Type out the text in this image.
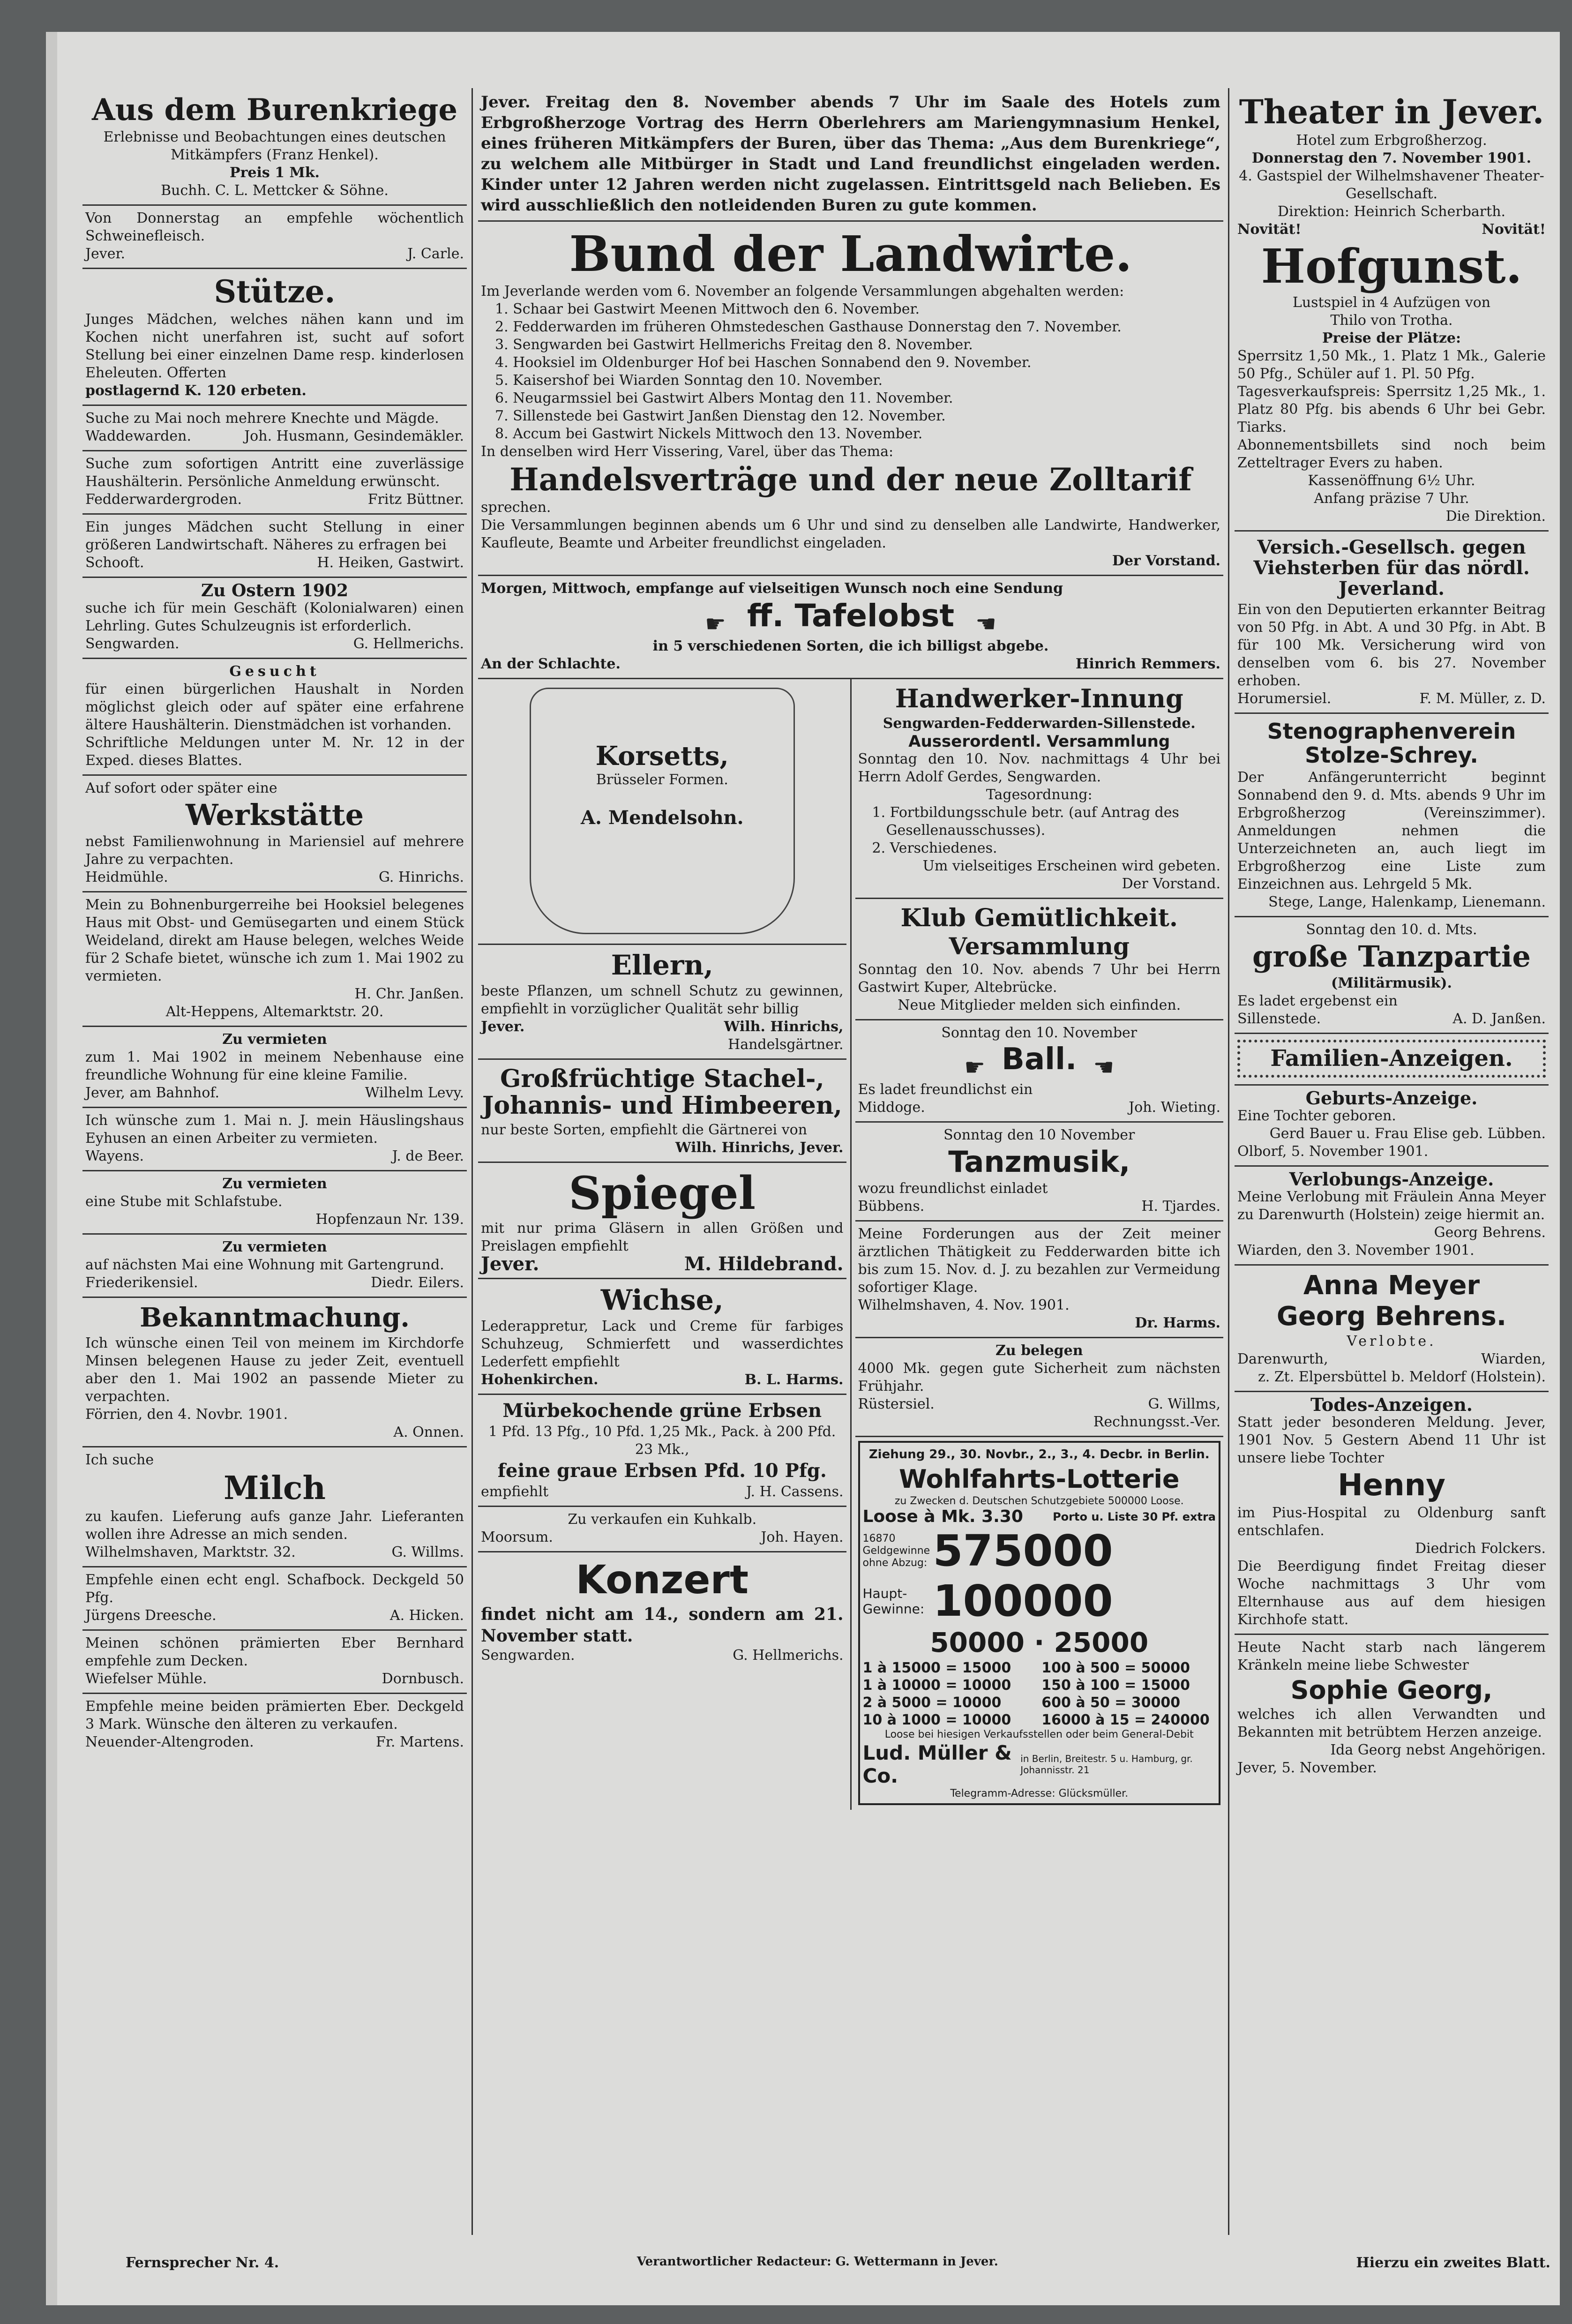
Aus dem Burenkriege

Erlebnisse und Beobachtungen eines deutschen Mitkämpfers (Franz Henkel).

Preis 1 Mk.

Buchh. C. L. Mettcker & Söhne.

Von Donnerstag an empfehle wöchentlich Schweinefleisch.

Jever.	J. Carle.
Stütze.

Junges Mädchen, welches nähen kann und im Kochen nicht unerfahren ist, sucht auf sofort Stellung bei einer einzelnen Dame resp. kinderlosen Eheleuten. Offerten

postlagernd K. 120 erbeten.

Suche zu Mai noch mehrere Knechte und Mägde.

Waddewarden.	Joh. Husmann, Gesindemäkler.

Suche zum sofortigen Antritt eine zuverlässige Haushälterin. Persönliche Anmeldung erwünscht.

Fedderwardergroden.	Fritz Büttner.

Ein junges Mädchen sucht Stellung in einer größeren Landwirtschaft. Näheres zu erfragen bei

Schooft.	H. Heiken, Gastwirt.

Zu Ostern 1902

suche ich für mein Geschäft (Kolonialwaren) einen Lehrling. Gutes Schulzeugnis ist erforderlich.

Sengwarden.	G. Hellmerichs.

Gesucht

für einen bürgerlichen Haushalt in Norden möglichst gleich oder auf später eine erfahrene ältere Haushälterin. Dienstmädchen ist vorhanden.

Schriftliche Meldungen unter M. Nr. 12 in der Exped. dieses Blattes.

Auf sofort oder später eine

Werkstätte

nebst Familienwohnung in Mariensiel auf mehrere Jahre zu verpachten.

Heidmühle.	G. Hinrichs.

Mein zu Bohnenburgerreihe bei Hooksiel belegenes Haus mit Obst- und Gemüsegarten und einem Stück Weideland, direkt am Hause belegen, welches Weide für 2 Schafe bietet, wünsche ich zum 1. Mai 1902 zu vermieten.

H. Chr. Janßen.

Alt-Heppens, Altemarktstr. 20.

Zu vermieten

zum 1. Mai 1902 in meinem Nebenhause eine freundliche Wohnung für eine kleine Familie.

Jever, am Bahnhof.	Wilhelm Levy.

Ich wünsche zum 1. Mai n. J. mein Häuslingshaus Eyhusen an einen Arbeiter zu vermieten.

Wayens.	J. de Beer.

Zu vermieten

eine Stube mit Schlafstube.

Hopfenzaun Nr. 139.

Zu vermieten

auf nächsten Mai eine Wohnung mit Gartengrund.

Friederikensiel.	Diedr. Eilers.
Bekanntmachung.

Ich wünsche einen Teil von meinem im Kirchdorfe Minsen belegenen Hause zu jeder Zeit, eventuell aber den 1. Mai 1902 an passende Mieter zu verpachten.

Förrien, den 4. Novbr. 1901.

A. Onnen.

Ich suche

Milch

zu kaufen. Lieferung aufs ganze Jahr. Lieferanten wollen ihre Adresse an mich senden.

Wilhelmshaven, Marktstr. 32.	G. Willms.

Empfehle einen echt engl. Schafbock. Deckgeld 50 Pfg.

Jürgens Dreesche.	A. Hicken.

Meinen schönen prämierten Eber Bernhard empfehle zum Decken.

Wiefelser Mühle.	Dornbusch.

Empfehle meine beiden prämierten Eber. Deckgeld 3 Mark. Wünsche den älteren zu verkaufen.

Neuender-Altengroden.	Fr. Martens.

Jever. Freitag den 8. November abends 7 Uhr im Saale des Hotels zum Erbgroßherzoge Vortrag des Herrn Oberlehrers am Mariengymnasium Henkel, eines früheren Mitkämpfers der Buren, über das Thema: „Aus dem Burenkriege“, zu welchem alle Mitbürger in Stadt und Land freundlichst eingeladen werden. Kinder unter 12 Jahren werden nicht zugelassen. Eintrittsgeld nach Belieben. Es wird ausschließlich den notleidenden Buren zu gute kommen.

Bund der Landwirte.

Im Jeverlande werden vom 6. November an folgende Versammlungen abgehalten werden:

1. Schaar bei Gastwirt Meenen Mittwoch den 6. November.
2. Fedderwarden im früheren Ohmstedeschen Gasthause Donnerstag den 7. November.
3. Sengwarden bei Gastwirt Hellmerichs Freitag den 8. November.
4. Hooksiel im Oldenburger Hof bei Haschen Sonnabend den 9. November.
5. Kaisershof bei Wiarden Sonntag den 10. November.
6. Neugarmssiel bei Gastwirt Albers Montag den 11. November.
7. Sillenstede bei Gastwirt Janßen Dienstag den 12. November.
8. Accum bei Gastwirt Nickels Mittwoch den 13. November.

In denselben wird Herr Vissering, Varel, über das Thema:

Handelsverträge und der neue Zolltarif

sprechen.

Die Versammlungen beginnen abends um 6 Uhr und sind zu denselben alle Landwirte, Handwerker, Kaufleute, Beamte und Arbeiter freundlichst eingeladen.

Der Vorstand.

Morgen, Mittwoch, empfange auf vielseitigen Wunsch noch eine Sendung

☛ ff. Tafelobst ☚

in 5 verschiedenen Sorten, die ich billigst abgebe.

An der Schlachte.	Hinrich Remmers.
Korsetts,
Brüsseler Formen.
A. Mendelsohn.
Ellern,

beste Pflanzen, um schnell Schutz zu gewinnen, empfiehlt in vorzüglicher Qualität sehr billig

Jever.	Wilh. Hinrichs,

Handelsgärtner.

Großfrüchtige Stachel-, Johannis- und Himbeeren,

nur beste Sorten, empfiehlt die Gärtnerei von

Wilh. Hinrichs, Jever.

Spiegel

mit nur prima Gläsern in allen Größen und Preislagen empfiehlt

Jever.	M. Hildebrand.
Wichse,

Lederappretur, Lack und Creme für farbiges Schuhzeug, Schmierfett und wasserdichtes Lederfett empfiehlt

Hohenkirchen.	B. L. Harms.
Mürbekochende grüne Erbsen

1 Pfd. 13 Pfg., 10 Pfd. 1,25 Mk., Pack. à 200 Pfd. 23 Mk.,

feine graue Erbsen Pfd. 10 Pfg.
empfiehlt	J. H. Cassens.

Zu verkaufen ein Kuhkalb.

Moorsum.	Joh. Hayen.
Konzert

findet nicht am 14., sondern am 21. November statt.

Sengwarden.	G. Hellmerichs.
Handwerker-Innung

Sengwarden-Fedderwarden-Sillenstede.

Ausserordentl. Versammlung

Sonntag den 10. Nov. nachmittags 4 Uhr bei Herrn Adolf Gerdes, Sengwarden.

Tagesordnung:

1. Fortbildungsschule betr. (auf Antrag des Gesellenausschusses).
2. Verschiedenes.

Um vielseitiges Erscheinen wird gebeten.

Der Vorstand.

Klub Gemütlichkeit.
Versammlung

Sonntag den 10. Nov. abends 7 Uhr bei Herrn Gastwirt Kuper, Altebrücke.

Neue Mitglieder melden sich einfinden.

Sonntag den 10. November

☛ Ball. ☚

Es ladet freundlichst ein

Middoge.	Joh. Wieting.

Sonntag den 10 November

Tanzmusik,

wozu freundlichst einladet

Bübbens.	H. Tjardes.

Meine Forderungen aus der Zeit meiner ärztlichen Thätigkeit zu Fedderwarden bitte ich bis zum 15. Nov. d. J. zu bezahlen zur Vermeidung sofortiger Klage.

Wilhelmshaven, 4. Nov. 1901.

Dr. Harms.

Zu belegen

4000 Mk. gegen gute Sicherheit zum nächsten Frühjahr.

Rüstersiel.	G. Willms,

Rechnungsst.-Ver.

Ziehung 29., 30. Novbr., 2., 3., 4. Decbr. in Berlin.

Wohlfahrts-Lotterie

zu Zwecken d. Deutschen Schutzgebiete 500000 Loose.

Loose à Mk. 3.30	Porto u. Liste 30 Pf. extra
16870 Geldgewinne ohne Abzug: 575000
Haupt-Gewinne: 100000
50000 · 25000
1 à 15000 = 15000	100 à 500 = 50000
1 à 10000 = 10000	150 à 100 = 15000
2 à 5000 = 10000	600 à 50 = 30000
10 à 1000 = 10000	16000 à 15 = 240000

Loose bei hiesigen Verkaufsstellen oder beim General-Debit

Lud. Müller & Co.
in Berlin, Breitestr. 5 u. Hamburg, gr. Johannisstr. 21

Telegramm-Adresse: Glücksmüller.

Theater in Jever.

Hotel zum Erbgroßherzog.

Donnerstag den 7. November 1901.

4. Gastspiel der Wilhelmshavener Theater-Gesellschaft.

Direktion: Heinrich Scherbarth.

Novität!	Novität!
Hofgunst.

Lustspiel in 4 Aufzügen von

Thilo von Trotha.

Preise der Plätze:

Sperrsitz 1,50 Mk., 1. Platz 1 Mk., Galerie 50 Pfg., Schüler auf 1. Pl. 50 Pfg.

Tagesverkaufspreis: Sperrsitz 1,25 Mk., 1. Platz 80 Pfg. bis abends 6 Uhr bei Gebr. Tiarks.

Abonnementsbillets sind noch beim Zetteltrager Evers zu haben.

Kassenöffnung 6½ Uhr.

Anfang präzise 7 Uhr.

Die Direktion.

Versich.-Gesellsch. gegen Viehsterben für das nördl. Jeverland.

Ein von den Deputierten erkannter Beitrag von 50 Pfg. in Abt. A und 30 Pfg. in Abt. B für 100 Mk. Versicherung wird von denselben vom 6. bis 27. November erhoben.

Horumersiel.	F. M. Müller, z. D.
Stenographenverein Stolze-Schrey.

Der Anfängerunterricht beginnt Sonnabend den 9. d. Mts. abends 9 Uhr im Erbgroßherzog (Vereinszimmer). Anmeldungen nehmen die Unterzeichneten an, auch liegt im Erbgroßherzog eine Liste zum Einzeichnen aus. Lehrgeld 5 Mk.

Stege, Lange, Halenkamp, Lienemann.

Sonntag den 10. d. Mts.

große Tanzpartie

(Militärmusik).

Es ladet ergebenst ein

Sillenstede.	A. D. Janßen.
Familien-Anzeigen.

Geburts-Anzeige.

Eine Tochter geboren.

Gerd Bauer u. Frau Elise geb. Lübben.

Olborf, 5. November 1901.

Verlobungs-Anzeige.

Meine Verlobung mit Fräulein Anna Meyer zu Darenwurth (Holstein) zeige hiermit an.

Georg Behrens.

Wiarden, den 3. November 1901.

Anna Meyer
Georg Behrens.

Verlobte.

Darenwurth,	Wiarden,

z. Zt. Elpersbüttel b. Meldorf (Holstein).

Todes-Anzeigen.

Statt jeder besonderen Meldung. Jever, 1901 Nov. 5 Gestern Abend 11 Uhr ist unsere liebe Tochter

Henny

im Pius-Hospital zu Oldenburg sanft entschlafen.

Diedrich Folckers.

Die Beerdigung findet Freitag dieser Woche nachmittags 3 Uhr vom Elternhause aus auf dem hiesigen Kirchhofe statt.

Heute Nacht starb nach längerem Kränkeln meine liebe Schwester

Sophie Georg,

welches ich allen Verwandten und Bekannten mit betrübtem Herzen anzeige.

Ida Georg nebst Angehörigen.

Jever, 5. November.

Fernsprecher Nr. 4.	Verantwortlicher Redacteur: G. Wettermann in Jever.	Hierzu ein zweites Blatt.
